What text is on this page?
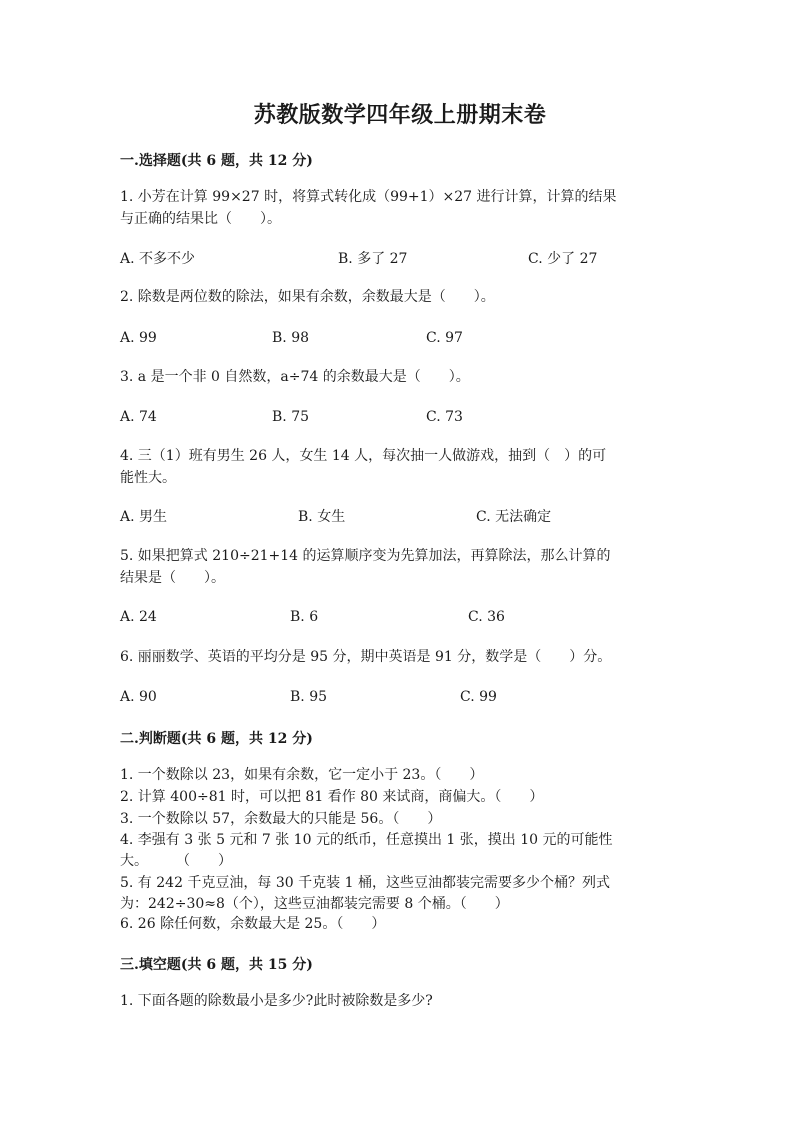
苏教版数学四年级上册期末卷
一.选择题(共 6 题，共 12 分)
1. 小芳在计算 99×27 时，将算式转化成（99+1）×27 进行计算，计算的结果
与正确的结果比（　　）。
A. 不多不少	B. 多了 27	C. 少了 27
2. 除数是两位数的除法，如果有余数，余数最大是（　　）。
A. 99	B. 98	C. 97
3. a 是一个非 0 自然数，a÷74 的余数最大是（　　）。
A. 74	B. 75	C. 73
4. 三（1）班有男生 26 人，女生 14 人，每次抽一人做游戏，抽到（　）的可
能性大。
A. 男生	B. 女生	C. 无法确定
5. 如果把算式 210÷21+14 的运算顺序变为先算加法，再算除法，那么计算的
结果是（　　）。
A. 24	B. 6	C. 36
6. 丽丽数学、英语的平均分是 95 分，期中英语是 91 分，数学是（　　）分。
A. 90	B. 95	C. 99
二.判断题(共 6 题，共 12 分)
1. 一个数除以 23，如果有余数，它一定小于 23。（　　）
2. 计算 400÷81 时，可以把 81 看作 80 来试商，商偏大。（　　）
3. 一个数除以 57，余数最大的只能是 56。（　　）
4. 李强有 3 张 5 元和 7 张 10 元的纸币，任意摸出 1 张，摸出 10 元的可能性
大。　　　（　　）
5. 有 242 千克豆油，每 30 千克装 1 桶，这些豆油都装完需要多少个桶？列式
为：242÷30≈8（个），这些豆油都装完需要 8 个桶。（　　）
6. 26 除任何数，余数最大是 25。（　　）
三.填空题(共 6 题，共 15 分)
1. 下面各题的除数最小是多少?此时被除数是多少?
